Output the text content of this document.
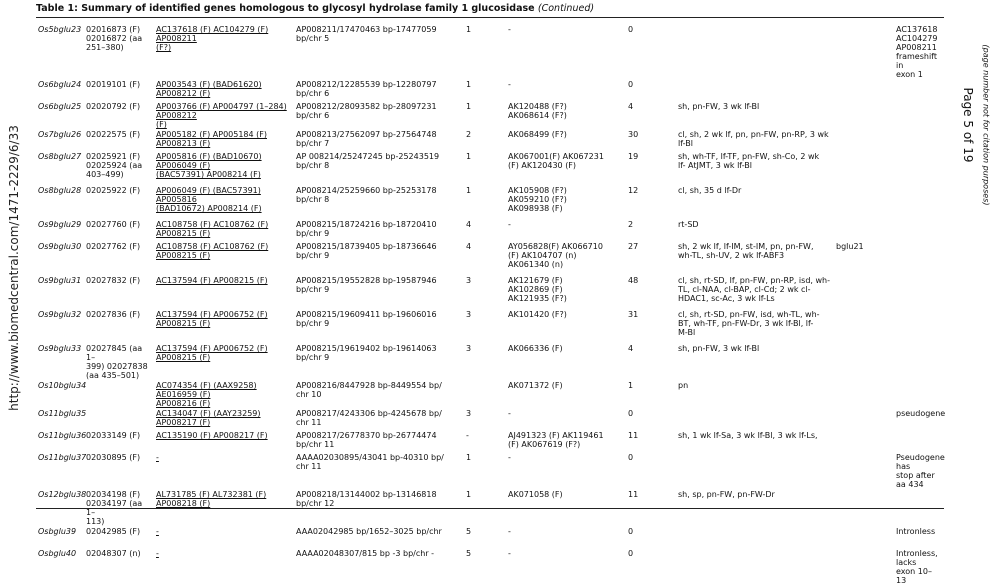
Table 1: Summary of identified genes homologous to glycosyl hydrolase family 1 glucosidase (Continued)
http://www.biomedcentral.com/1471-2229/6/33
Page 5 of 19 (page number not for citation purposes)
Os5bglu23	02016873 (F)
02016872 (aa
251–380)	AC137618 (F) AC104279 (F) AP008211
(F?)	AP008211/17470463 bp-17477059
bp/chr 5	1	-	0			AC137618
AC104279
AP008211
frameshift in
exon 1
Os6bglu24	02019101 (F)	AP003543 (F) (BAD61620) AP008212 (F)	AP008212/12285539 bp-12280797
bp/chr 6	1	-	0			
Os6bglu25	02020792 (F)	AP003766 (F) AP004797 (1–284) AP008212
(F)	AP008212/28093582 bp-28097231
bp/chr 6	1	AK120488 (F?)
AK068614 (F?)	4	sh, pn-FW, 3 wk lf-Bl		
Os7bglu26	02022575 (F)	AP005182 (F) AP005184 (F) AP008213 (F)	AP008213/27562097 bp-27564748
bp/chr 7	2	AK068499 (F?)	30	cl, sh, 2 wk lf, pn, pn-FW, pn-RP, 3 wk
lf-Bl		
Os8bglu27	02025921 (F)
02025924 (aa
403–499)	AP005816 (F) (BAD10670) AP006049 (F)
(BAC57391) AP008214 (F)	AP 008214/25247245 bp-25243519
bp/chr 8	1	AK067001(F) AK067231
(F) AK120430 (F)	19	sh, wh-TF, lf-TF, pn-FW, sh-Co, 2 wk
lf- AtJMT, 3 wk lf-Bl		
Os8bglu28	02025922 (F)	AP006049 (F) (BAC57391) AP005816
(BAD10672) AP008214 (F)	AP008214/25259660 bp-25253178
bp/chr 8	1	AK105908 (F?)
AK059210 (F?)
AK098938 (F)	12	cl, sh, 35 d lf-Dr		
Os9bglu29	02027760 (F)	AC108758 (F) AC108762 (F) AP008215 (F)	AP008215/18724216 bp-18720410
bp/chr 9	4	-	2	rt-SD		
Os9bglu30	02027762 (F)	AC108758 (F) AC108762 (F) AP008215 (F)	AP008215/18739405 bp-18736646
bp/chr 9	4	AY056828(F) AK066710
(F) AK104707 (n)
AK061340 (n)	27	sh, 2 wk lf, lf-IM, st-IM, pn, pn-FW,
wh-TL, sh-UV, 2 wk lf-ABF3	bglu21	
Os9bglu31	02027832 (F)	AC137594 (F) AP008215 (F)	AP008215/19552828 bp-19587946
bp/chr 9	3	AK121679 (F)
AK102869 (F)
AK121935 (F?)	48	cl, sh, rt-SD, lf, pn-FW, pn-RP, isd, wh-
TL, cl-NAA, cl-BAP, cl-Cd; 2 wk cl-
HDAC1, sc-Ac, 3 wk lf-Ls		
Os9bglu32	02027836 (F)	AC137594 (F) AP006752 (F) AP008215 (F)	AP008215/19609411 bp-19606016
bp/chr 9	3	AK101420 (F?)	31	cl, sh, rt-SD, pn-FW, isd, wh-TL, wh-
BT, wh-TF, pn-FW-Dr, 3 wk lf-Bl, lf-
M-Bl		
Os9bglu33	02027845 (aa 1–
399) 02027838
(aa 435–501)	AC137594 (F) AP006752 (F) AP008215 (F)	AP008215/19619402 bp-19614063
bp/chr 9	3	AK066336 (F)	4	sh, pn-FW, 3 wk lf-Bl		
Os10bglu34		AC074354 (F) (AAX9258) AE016959 (F)
AP008216 (F)	AP008216/8447928 bp-8449554 bp/
chr 10		AK071372 (F)	1	pn		
Os11bglu35		AC134047 (F) (AAY23259) AP008217 (F)	AP008217/4243306 bp-4245678 bp/
chr 11	3	-	0			pseudogene
Os11bglu36	02033149 (F)	AC135190 (F) AP008217 (F)	AP008217/26778370 bp-26774474
bp/chr 11	-	AJ491323 (F) AK119461
(F) AK067619 (F?)	11	sh, 1 wk lf-Sa, 3 wk lf-Bl, 3 wk lf-Ls,		
Os11bglu37	02030895 (F)	-	AAAA02030895/43041 bp-40310 bp/
chr 11	1	-	0			Pseudogene has
stop after aa 434
Os12bglu38	02034198 (F)
02034197 (aa 1–
113)	AL731785 (F) AL732381 (F) AP008218 (F)	AP008218/13144002 bp-13146818
bp/chr 12	1	AK071058 (F)	11	sh, sp, pn-FW, pn-FW-Dr		
Osbglu39	02042985 (F)	-	AAA02042985 bp/1652–3025 bp/chr	5	-	0			Intronless
Osbglu40	02048307 (n)	-	AAAA02048307/815 bp -3 bp/chr -	5	-	0			Intronless, lacks
exon 10–13
